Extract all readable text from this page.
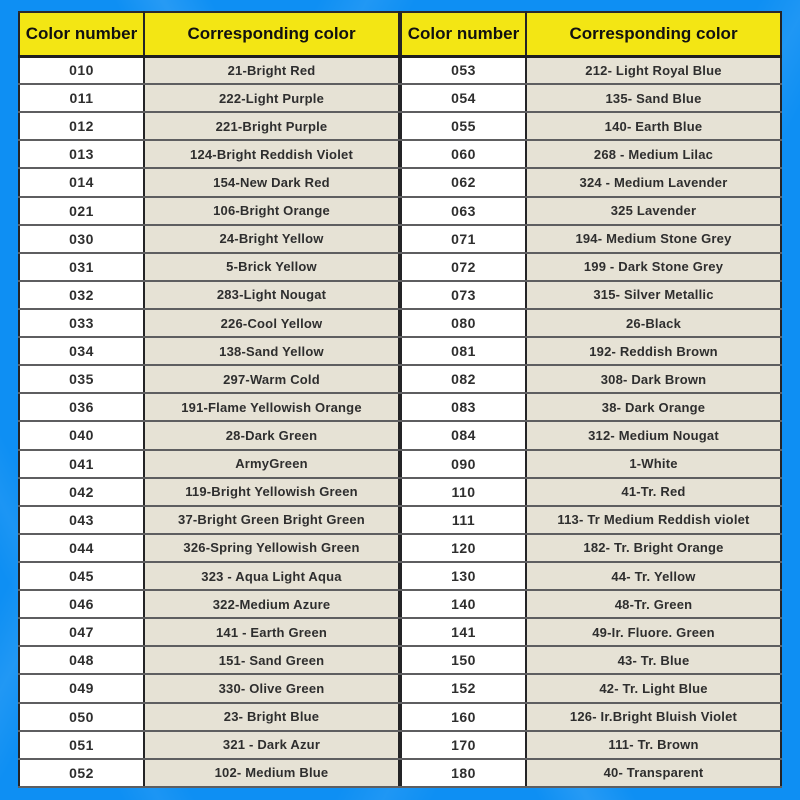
Color number	Corresponding color
010	21-Bright Red
011	222-Light Purple
012	221-Bright Purple
013	124-Bright Reddish Violet
014	154-New Dark Red
021	106-Bright Orange
030	24-Bright Yellow
031	5-Brick Yellow
032	283-Light Nougat
033	226-Cool Yellow
034	138-Sand Yellow
035	297-Warm Cold
036	191-Flame Yellowish Orange
040	28-Dark Green
041	ArmyGreen
042	119-Bright Yellowish Green
043	37-Bright Green Bright Green
044	326-Spring Yellowish Green
045	323 - Aqua Light Aqua
046	322-Medium Azure
047	141 - Earth Green
048	151- Sand Green
049	330- Olive Green
050	23- Bright Blue
051	321 - Dark Azur
052	102- Medium Blue
Color number	Corresponding color
053	212- Light Royal Blue
054	135- Sand Blue
055	140- Earth Blue
060	268 - Medium Lilac
062	324 - Medium Lavender
063	325 Lavender
071	194- Medium Stone Grey
072	199 - Dark Stone Grey
073	315- Silver Metallic
080	26-Black
081	192- Reddish Brown
082	308- Dark Brown
083	38- Dark Orange
084	312- Medium Nougat
090	1-White
110	41-Tr. Red
111	113- Tr Medium Reddish violet
120	182- Tr. Bright Orange
130	44- Tr. Yellow
140	48-Tr. Green
141	49-Ir. Fluore. Green
150	43- Tr. Blue
152	42- Tr. Light Blue
160	126- Ir.Bright Bluish Violet
170	111- Tr. Brown
180	40- Transparent
